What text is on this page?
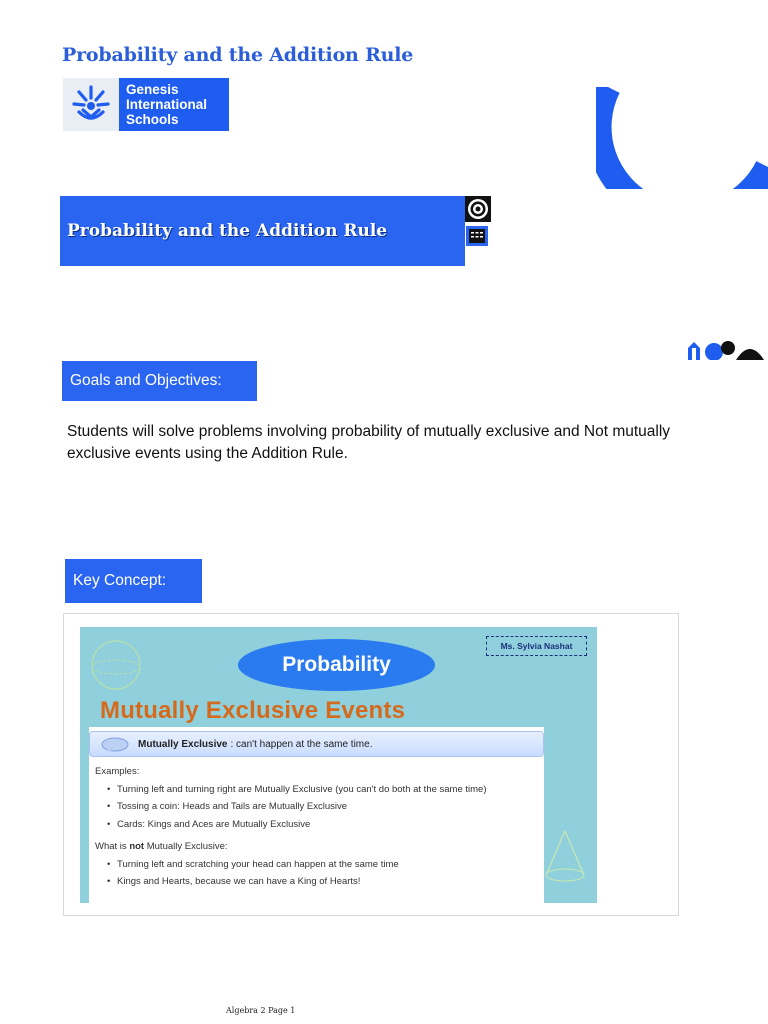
Probability and the Addition Rule
Genesis
International
Schools
Probability and the Addition Rule
Goals and Objectives:

Students will solve problems involving probability of mutually exclusive and Not mutually exclusive events using the Addition Rule.

Key Concept:
Ms. Sylvia Nashat
Probability
Mutually Exclusive Events
Mutually Exclusive : can't happen at the same time.
Examples:
• Turning left and turning right are Mutually Exclusive (you can't do both at the same time)
• Tossing a coin: Heads and Tails are Mutually Exclusive
• Cards: Kings and Aces are Mutually Exclusive
What is not Mutually Exclusive:
• Turning left and scratching your head can happen at the same time
• Kings and Hearts, because we can have a King of Hearts!
Algebra 2 Page 1
